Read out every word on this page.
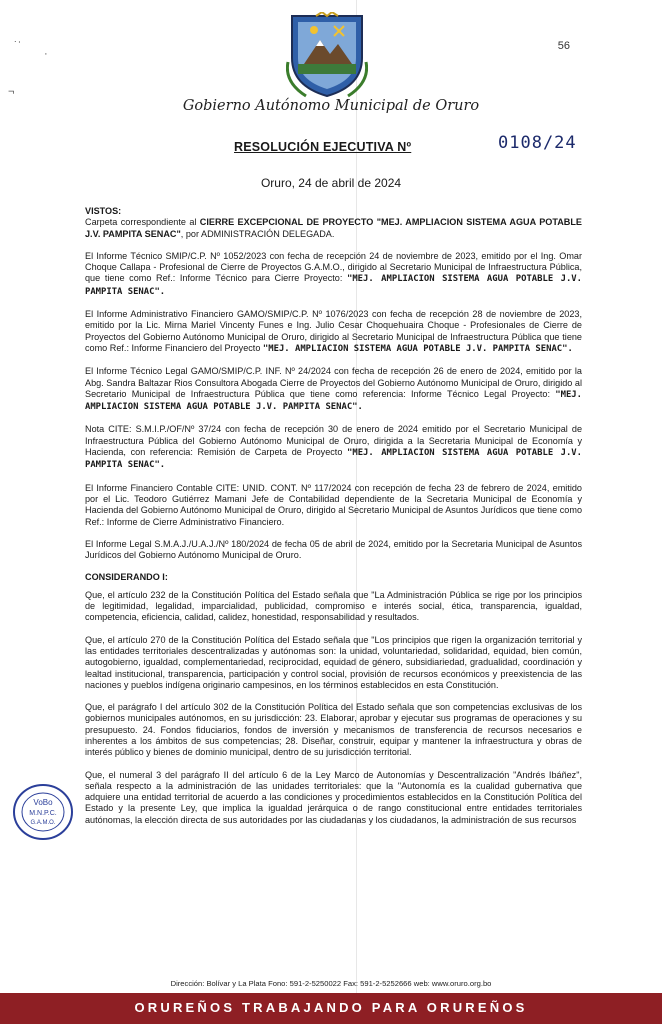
56
˙ʾ
·
¬
Gobierno Autónomo Municipal de Oruro
RESOLUCIÓN EJECUTIVA Nº	0108/24
Oruro, 24 de abril de 2024

VISTOS:

Carpeta correspondiente al CIERRE EXCEPCIONAL DE PROYECTO "MEJ. AMPLIACION SISTEMA AGUA POTABLE J.V. PAMPITA SENAC", por ADMINISTRACIÓN DELEGADA.

El Informe Técnico SMIP/C.P. Nº 1052/2023 con fecha de recepción 24 de noviembre de 2023, emitido por el Ing. Omar Choque Callapa - Profesional de Cierre de Proyectos G.A.M.O., dirigido al Secretario Municipal de Infraestructura Pública, que tiene como Ref.: Informe Técnico para Cierre Proyecto: "MEJ. AMPLIACION SISTEMA AGUA POTABLE J.V. PAMPITA SENAC".

El Informe Administrativo Financiero GAMO/SMIP/C.P. Nº 1076/2023 con fecha de recepción 28 de noviembre de 2023, emitido por la Lic. Mirna Mariel Vincenty Funes e Ing. Julio Cesar Choquehuaira Choque - Profesionales de Cierre de Proyectos del Gobierno Autónomo Municipal de Oruro, dirigido al Secretario Municipal de Infraestructura Pública que tiene como Ref.: Informe Financiero del Proyecto "MEJ. AMPLIACION SISTEMA AGUA POTABLE J.V. PAMPITA SENAC".

El Informe Técnico Legal GAMO/SMIP/C.P. INF. Nº 24/2024 con fecha de recepción 26 de enero de 2024, emitido por la Abg. Sandra Baltazar Rios Consultora Abogada Cierre de Proyectos del Gobierno Autónomo Municipal de Oruro, dirigido al Secretario Municipal de Infraestructura Pública que tiene como referencia: Informe Técnico Legal Proyecto: "MEJ. AMPLIACION SISTEMA AGUA POTABLE J.V. PAMPITA SENAC".

Nota CITE: S.M.I.P./OF/Nº 37/24 con fecha de recepción 30 de enero de 2024 emitido por el Secretario Municipal de Infraestructura Pública del Gobierno Autónomo Municipal de Oruro, dirigida a la Secretaria Municipal de Economía y Hacienda, con referencia: Remisión de Carpeta de Proyecto "MEJ. AMPLIACION SISTEMA AGUA POTABLE J.V. PAMPITA SENAC".

El Informe Financiero Contable CITE: UNID. CONT. Nº 117/2024 con recepción de fecha 23 de febrero de 2024, emitido por el Lic. Teodoro Gutiérrez Mamani Jefe de Contabilidad dependiente de la Secretaria Municipal de Economía y Hacienda del Gobierno Autónomo Municipal de Oruro, dirigido al Secretario Municipal de Asuntos Jurídicos que tiene como Ref.: Informe de Cierre Administrativo Financiero.

El Informe Legal S.M.A.J./U.A.J./Nº 180/2024 de fecha 05 de abril de 2024, emitido por la Secretaria Municipal de Asuntos Jurídicos del Gobierno Autónomo Municipal de Oruro.

CONSIDERANDO I:

Que, el artículo 232 de la Constitución Política del Estado señala que "La Administración Pública se rige por los principios de legitimidad, legalidad, imparcialidad, publicidad, compromiso e interés social, ética, transparencia, igualdad, competencia, eficiencia, calidad, calidez, honestidad, responsabilidad y resultados.

Que, el artículo 270 de la Constitución Política del Estado señala que "Los principios que rigen la organización territorial y las entidades territoriales descentralizadas y autónomas son: la unidad, voluntariedad, solidaridad, equidad, bien común, autogobierno, igualdad, complementariedad, reciprocidad, equidad de género, subsidiariedad, gradualidad, coordinación y lealtad institucional, transparencia, participación y control social, provisión de recursos económicos y preexistencia de las naciones y pueblos indígena originario campesinos, en los términos establecidos en esta Constitución.

Que, el parágrafo I del artículo 302 de la Constitución Política del Estado señala que son competencias exclusivas de los gobiernos municipales autónomos, en su jurisdicción: 23. Elaborar, aprobar y ejecutar sus programas de operaciones y su presupuesto. 24. Fondos fiduciarios, fondos de inversión y mecanismos de transferencia de recursos necesarios e inherentes a los ámbitos de sus competencias; 28. Diseñar, construir, equipar y mantener la infraestructura y obras de interés público y bienes de dominio municipal, dentro de su jurisdicción territorial.

Que, el numeral 3 del parágrafo II del artículo 6 de la Ley Marco de Autonomías y Descentralización "Andrés Ibáñez", señala respecto a la administración de las unidades territoriales: que la "Autonomía es la cualidad gubernativa que adquiere una entidad territorial de acuerdo a las condiciones y procedimientos establecidos en la Constitución Política del Estado y la presente Ley, que implica la igualdad jerárquica o de rango constitucional entre entidades territoriales autónomas, la elección directa de sus autoridades por las ciudadanas y los ciudadanos, la administración de sus recursos

VoBo
M.N.P.C.
G.A.M.O.
Dirección: Bolívar y La Plata Fono: 591-2-5250022 Fax: 591-2-5252666 web: www.oruro.org.bo
ORUREÑOS TRABAJANDO PARA ORUREÑOS
